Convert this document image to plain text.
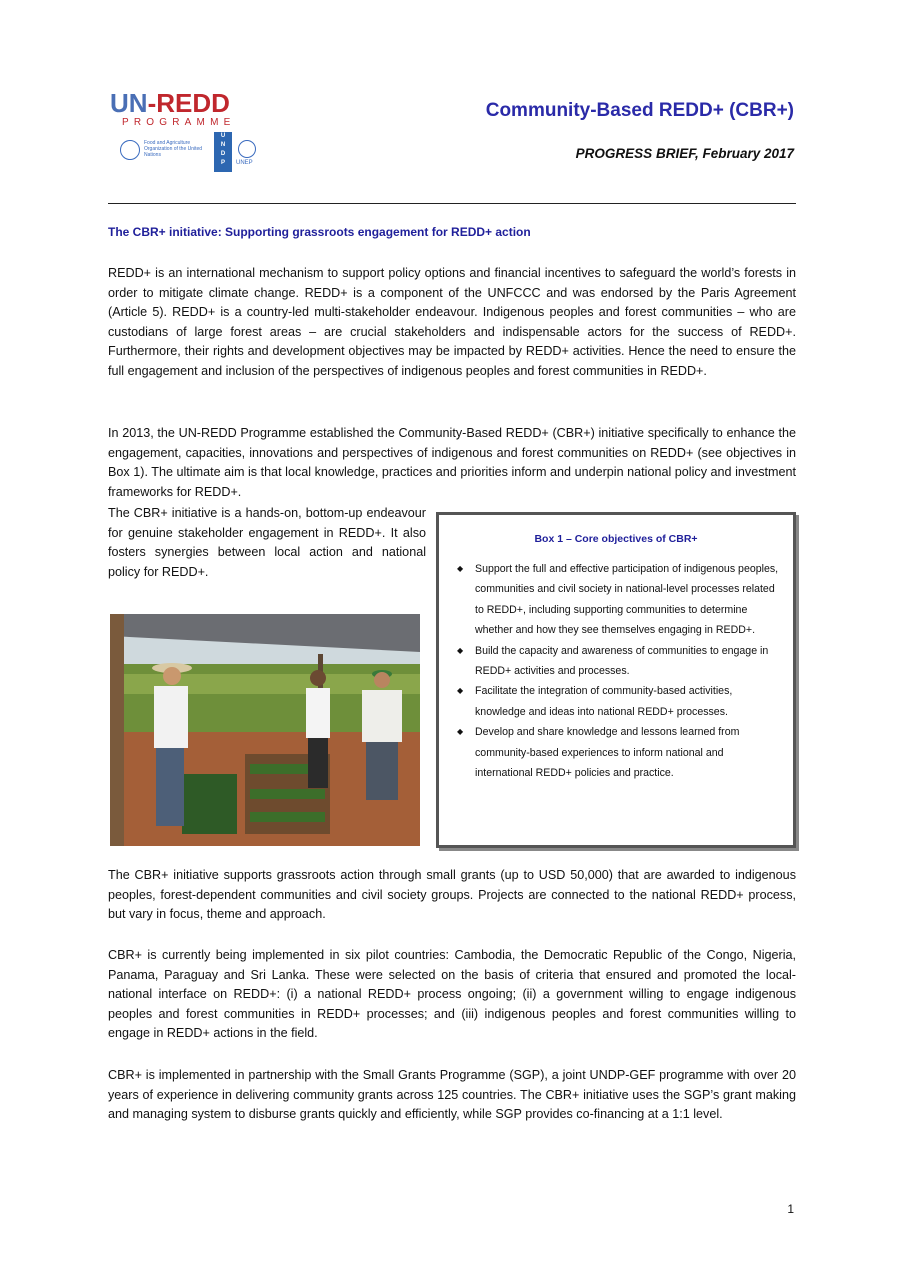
UN-REDD
PROGRAMME
Food and Agriculture Organization of the United Nations
U
N
D
P	UNEP
Community-Based REDD+ (CBR+)
PROGRESS BRIEF, February 2017
The CBR+ initiative: Supporting grassroots engagement for REDD+ action
REDD+ is an international mechanism to support policy options and financial incentives to safeguard the world’s forests in order to mitigate climate change. REDD+ is a component of the UNFCCC and was endorsed by the Paris Agreement (Article 5). REDD+ is a country-led multi-stakeholder endeavour. Indigenous peoples and forest communities – who are custodians of large forest areas – are crucial stakeholders and indispensable actors for the success of REDD+. Furthermore, their rights and development objectives may be impacted by REDD+ activities. Hence the need to ensure the full engagement and inclusion of the perspectives of indigenous peoples and forest communities in REDD+.
In 2013, the UN-REDD Programme established the Community-Based REDD+ (CBR+) initiative specifically to enhance the engagement, capacities, innovations and perspectives of indigenous and forest communities on REDD+ (see objectives in Box 1). The ultimate aim is that local knowledge, practices and priorities inform and underpin national policy and investment frameworks for REDD+.
The CBR+ initiative is a hands-on, bottom-up endeavour for genuine stakeholder engagement in REDD+. It also fosters synergies between local action and national policy for REDD+.
Box 1 – Core objectives of CBR+
◆ Support the full and effective participation of indigenous peoples, communities and civil society in national-level processes related to REDD+, including supporting communities to determine whether and how they see themselves engaging in REDD+.
◆ Build the capacity and awareness of communities to engage in REDD+ activities and processes.
◆ Facilitate the integration of community-based activities, knowledge and ideas into national REDD+ processes.
◆ Develop and share knowledge and lessons learned from community-based experiences to inform national and international REDD+ policies and practice.
The CBR+ initiative supports grassroots action through small grants (up to USD 50,000) that are awarded to indigenous peoples, forest-dependent communities and civil society groups. Projects are connected to the national REDD+ process, but vary in focus, theme and approach.
CBR+ is currently being implemented in six pilot countries: Cambodia, the Democratic Republic of the Congo, Nigeria, Panama, Paraguay and Sri Lanka. These were selected on the basis of criteria that ensured and promoted the local-national interface on REDD+: (i) a national REDD+ process ongoing; (ii) a government willing to engage indigenous peoples and forest communities in REDD+ processes; and (iii) indigenous peoples and forest communities willing to engage in REDD+ actions in the field.
CBR+ is implemented in partnership with the Small Grants Programme (SGP), a joint UNDP-GEF programme with over 20 years of experience in delivering community grants across 125 countries. The CBR+ initiative uses the SGP’s grant making and managing system to disburse grants quickly and efficiently, while SGP provides co-financing at a 1:1 level.
1
